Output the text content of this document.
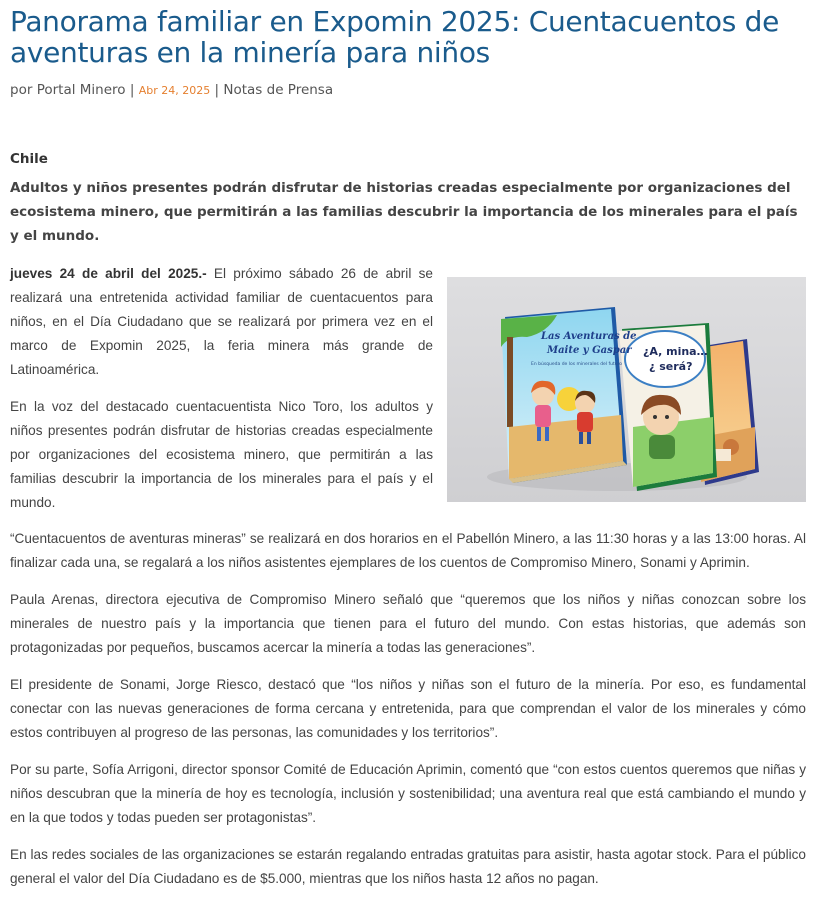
Panorama familiar en Expomin 2025: Cuentacuentos de aventuras en la minería para niños
por Portal Minero | Abr 24, 2025 | Notas de Prensa
Chile
Adultos y niños presentes podrán disfrutar de historias creadas especialmente por organizaciones del ecosistema minero, que permitirán a las familias descubrir la importancia de los minerales para el país y el mundo.

jueves 24 de abril del 2025.- El próximo sábado 26 de abril se realizará una entretenida actividad familiar de cuentacuentos para niños, en el Día Ciudadano que se realizará por primera vez en el marco de Expomin 2025, la feria minera más grande de Latinoamérica.

En la voz del destacado cuentacuentista Nico Toro, los adultos y niños presentes podrán disfrutar de historias creadas especialmente por organizaciones del ecosistema minero, que permitirán a las familias descubrir la importancia de los minerales para el país y el mundo.

¿A, mina…
¿ será?
Las Aventuras de
Maite y Gaspar
En búsqueda de los minerales del futuro

“Cuentacuentos de aventuras mineras” se realizará en dos horarios en el Pabellón Minero, a las 11:30 horas y a las 13:00 horas. Al finalizar cada una, se regalará a los niños asistentes ejemplares de los cuentos de Compromiso Minero, Sonami y Aprimin.

Paula Arenas, directora ejecutiva de Compromiso Minero señaló que “queremos que los niños y niñas conozcan sobre los minerales de nuestro país y la importancia que tienen para el futuro del mundo. Con estas historias, que además son protagonizadas por pequeños, buscamos acercar la minería a todas las generaciones”.

El presidente de Sonami, Jorge Riesco, destacó que “los niños y niñas son el futuro de la minería. Por eso, es fundamental conectar con las nuevas generaciones de forma cercana y entretenida, para que comprendan el valor de los minerales y cómo estos contribuyen al progreso de las personas, las comunidades y los territorios”.

Por su parte, Sofía Arrigoni, director sponsor Comité de Educación Aprimin, comentó que “con estos cuentos queremos que niñas y niños descubran que la minería de hoy es tecnología, inclusión y sostenibilidad; una aventura real que está cambiando el mundo y en la que todos y todas pueden ser protagonistas”.

En las redes sociales de las organizaciones se estarán regalando entradas gratuitas para asistir, hasta agotar stock. Para el público general el valor del Día Ciudadano es de $5.000, mientras que los niños hasta 12 años no pagan.
